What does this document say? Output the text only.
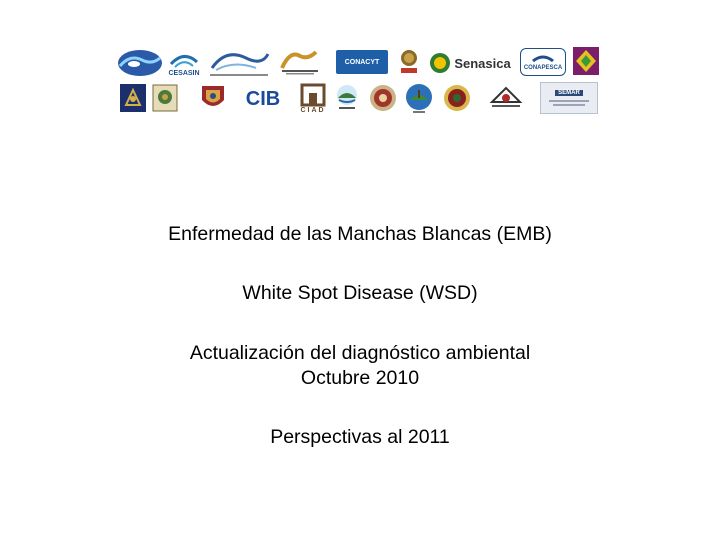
CESASIN
CONACYT	Senasica CONAPESCA
CIB
CIAD
SEMAR
Enfermedad de las Manchas Blancas (EMB)
White Spot Disease (WSD)
Actualización del diagnóstico ambiental
Octubre 2010
Perspectivas al 2011
